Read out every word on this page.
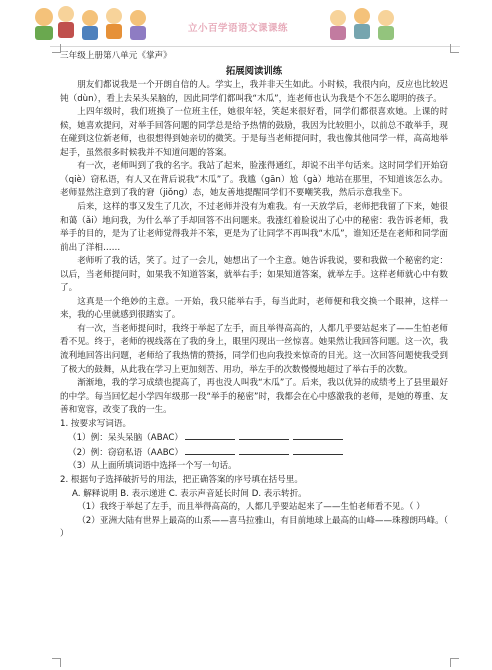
立小百学语语文课课练
三年级上册第八单元《掌声》
拓展阅读训练
朋友们都说我是一个开朗自信的人。学实上，我并非天生如此。小时候，我很内向，反应也比较迟钝（dùn），看上去呆头呆脑的，因此同学们都叫我“木瓜”，连老师也认为我是个不怎么聪明的孩子。
上四年级时，我们班换了一位班主任，她很年轻，笑起来很好看，同学们都很喜欢她。上课的时候，她喜欢提问，对举手回答问题的同学总是给予热情的鼓励，我因为比较胆小，以前总不敢举手，现在碰到这位新老师，也很想得到她亲切的微笑。于是每当老师提问时，我也像其他同学一样，高高地举起手，虽然很多时候我并不知道问题的答案。
有一次，老师叫到了我的名字。我站了起来，脸涨得通红，却说不出半句话来。这时同学们开始窃（qiè）窃私语，有人又在背后说我“木瓜”了。我尴（gān）尬（gà）地站在那里，不知道该怎么办。老师显然注意到了我的窘（jiǒng）态，她友善地提醒同学们不要嘲笑我，然后示意我坐下。
后来，这样的事又发生了几次，不过老师并没有为难我。有一天放学后，老师把我留了下来，她很和蔼（ǎi）地问我，为什么举了手却回答不出问题来。我涨红着脸说出了心中的秘密：我告诉老师，我举手的目的，是为了让老师觉得我并不笨，更是为了让同学不再叫我“木瓜”，谁知还是在老师和同学面前出了洋相……
老师听了我的话，笑了。过了一会儿，她想出了一个主意。她告诉我说，要和我做一个秘密约定：以后，当老师提问时，如果我不知道答案，就举右手；如果知道答案，就举左手。这样老师就心中有数了。
这真是一个绝妙的主意。一开始，我只能举右手，每当此时，老师便和我交换一个眼神，这样一来，我的心里就感到很踏实了。
有一次，当老师提问时，我终于举起了左手，而且举得高高的，人都几乎要站起来了——生怕老师看不见。终于，老师的视线落在了我的身上，眼里闪现出一丝惊喜。她果然让我回答问题。这一次，我流利地回答出问题，老师给了我热情的赞扬，同学们也向我投来惊奇的目光。这一次回答问题使我受到了极大的鼓舞，从此我在学习上更加刻苦、用功，举左手的次数慢慢地超过了举右手的次数。
渐渐地，我的学习成绩也提高了，再也没人叫我“木瓜”了。后来，我以优异的成绩考上了县里最好的中学。每当回忆起小学四年级那一段“举手的秘密”时，我都会在心中感激我的老师，是她的尊重、友善和宽容，改变了我的一生。
1. 按要求写词语。
（1）例：呆头呆脑（ABAC）
（2）例：窃窃私语（AABC）
（3）从上面所填词语中选择一个写一句话。
2. 根据句子选择破折号的用法，把正确答案的序号填在括号里。
A. 解释说明 B. 表示递进 C. 表示声音延长时间 D. 表示转折。
（1）我终于举起了左手，而且举得高高的，人都几乎要站起来了——生怕老师看不见。（ ）
（2）亚洲大陆有世界上最高的山系——喜马拉雅山，有目前地球上最高的山峰——珠穆朗玛峰。（ ）
